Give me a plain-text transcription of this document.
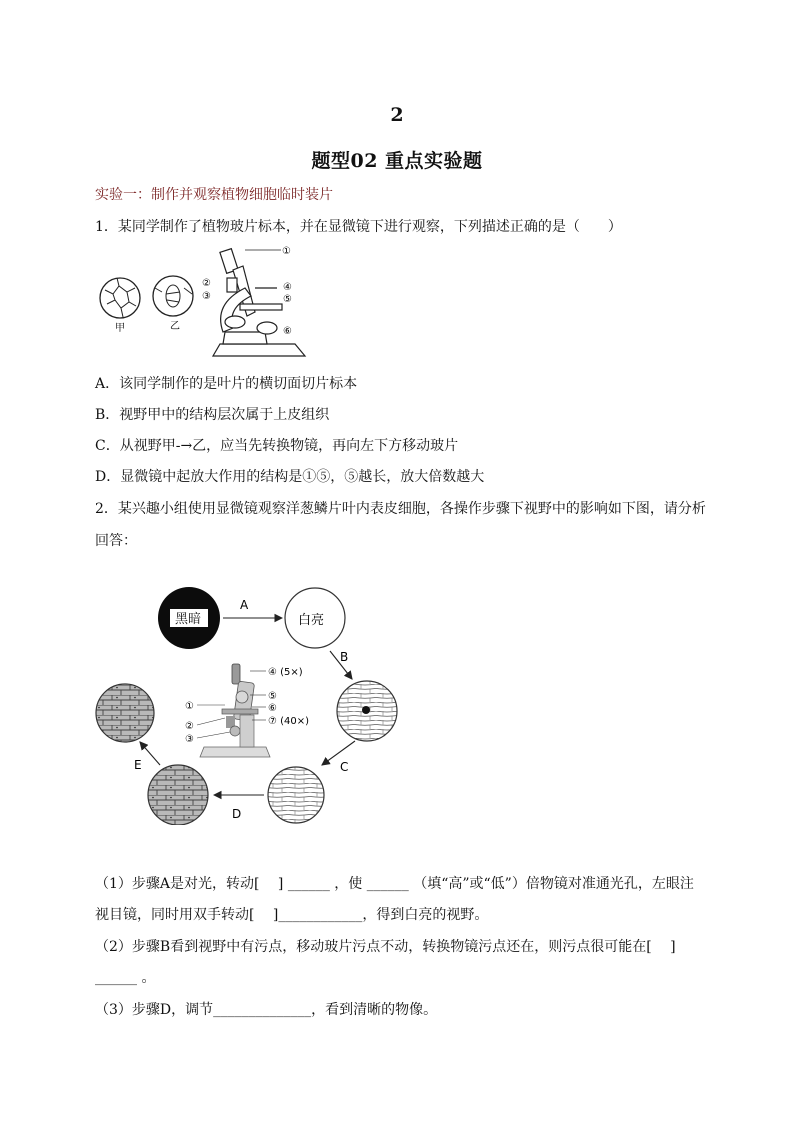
2
题型02 重点实验题
实验一：制作并观察植物细胞临时装片
1．某同学制作了植物玻片标本，并在显微镜下进行观察，下列描述正确的是（　　）
甲	乙
①
②
③
④
⑤
⑥
A．该同学制作的是叶片的横切面切片标本
B．视野甲中的结构层次属于上皮组织
C．从视野甲-→乙，应当先转换物镜，再向左下方移动玻片
D．显微镜中起放大作用的结构是①⑤，⑤越长，放大倍数越大
2．某兴趣小组使用显微镜观察洋葱鳞片叶内表皮细胞，各操作步骤下视野中的影响如下图，请分析
回答：
黑暗
A
白亮
B
C
D
E
④ (5×)
⑤
⑥
⑦ (40×)
①
②
③
（1）步骤A是对光，转动[　 ] ______ ，使 ______ （填“高”或“低”）倍物镜对准通光孔，左眼注
视目镜，同时用双手转动[　 ]____________，得到白亮的视野。
（2）步骤B看到视野中有污点，移动玻片污点不动，转换物镜污点还在，则污点很可能在[　 ]
______ 。
（3）步骤D，调节______________，看到清晰的物像。
